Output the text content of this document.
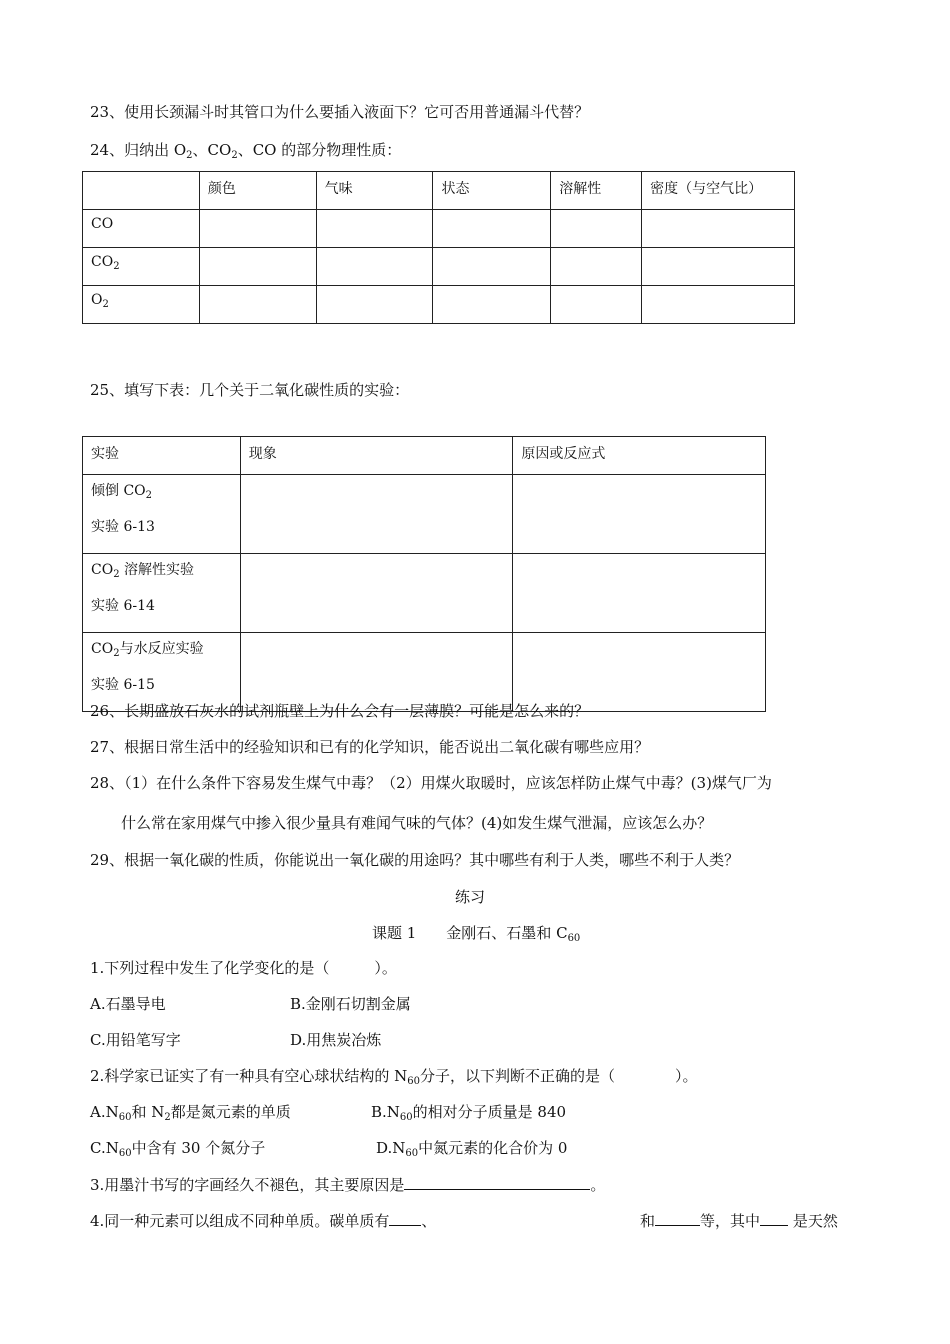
23、使用长颈漏斗时其管口为什么要插入液面下？它可否用普通漏斗代替？
24、归纳出 $O_2$、$CO_2$、CO 的部分物理性质：
	颜色	气味	状态	溶解性	密度（与空气比）
CO					
$CO_2$					
$O_2$					
25、填写下表：几个关于二氧化碳性质的实验：
实验	现象	原因或反应式

倾倒 $CO_2$
实验 6-13		

$CO_2$ 溶解性实验
实验 6-14		

$CO_2$与水反应实验
实验 6-15		

26、长期盛放石灰水的试剂瓶壁上为什么会有一层薄膜？可能是怎么来的？
27、根据日常生活中的经验知识和已有的化学知识，能否说出二氧化碳有哪些应用？
28、（1）在什么条件下容易发生煤气中毒？（2）用煤火取暖时，应该怎样防止煤气中毒？(3)煤气厂为
什么常在家用煤气中掺入很少量具有难闻气味的气体？(4)如发生煤气泄漏，应该怎么办？
29、根据一氧化碳的性质，你能说出一氧化碳的用途吗？其中哪些有利于人类，哪些不利于人类？
练习
课题 1　　金刚石、石墨和 $C_{60}$
1.下列过程中发生了化学变化的是（　　　）。
A.石墨导电	B.金刚石切割金属
C.用铅笔写字	D.用焦炭冶炼
2.科学家已证实了有一种具有空心球状结构的 $N_{60}$分子，以下判断不正确的是（　　　　）。
$A.N_{60}$和 $N_2$都是氮元素的单质	$B.N_{60}$的相对分子质量是 840
$C.N_{60}$中含有 30 个氮分子	$D.N_{60}$中氮元素的化合价为 0
3.用墨汁书写的字画经久不褪色，其主要原因是	。
4.同一种元素可以组成不同种单质。碳单质有 、	和	等，其中 是天然
